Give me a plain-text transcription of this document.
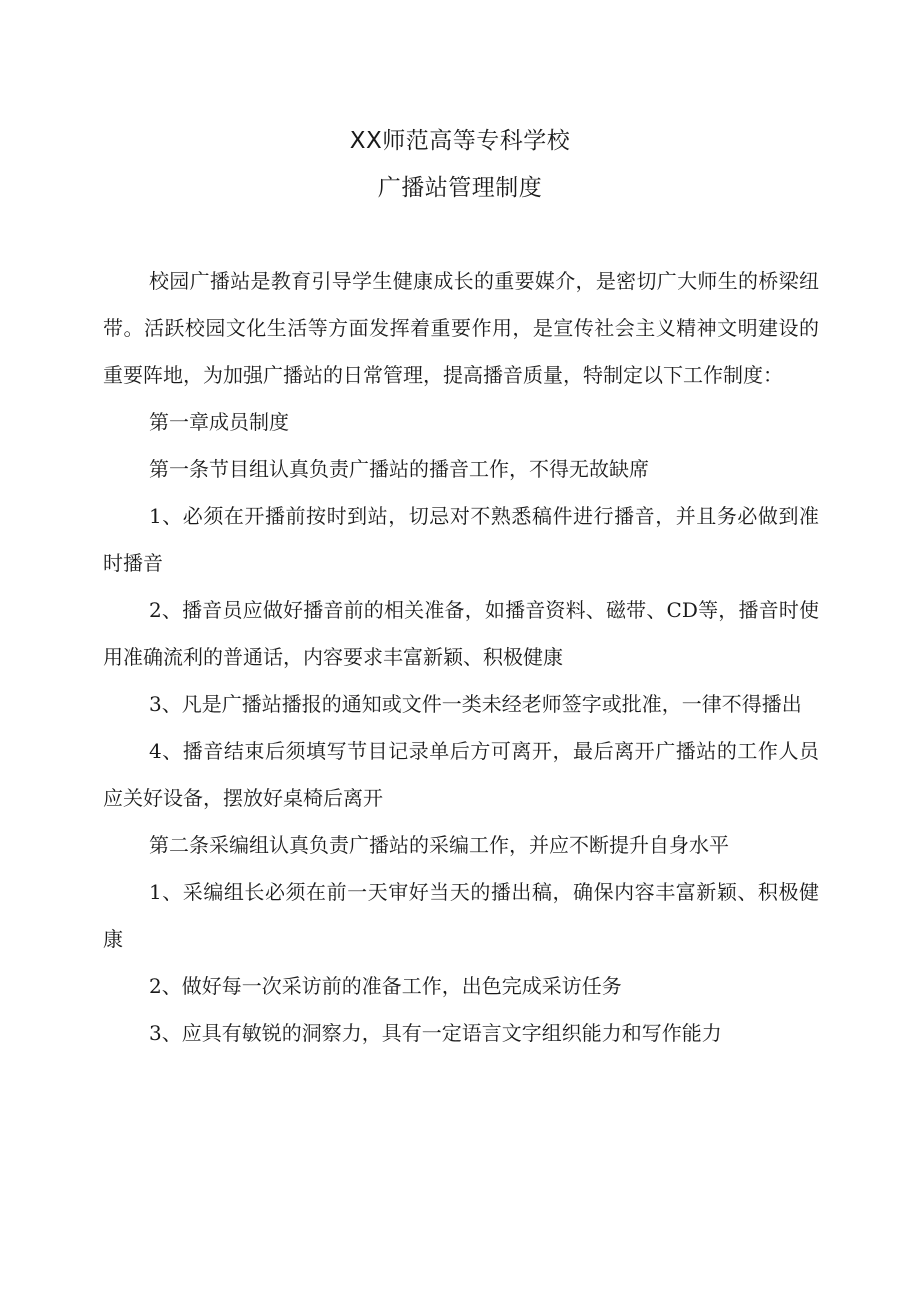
XX师范高等专科学校
广播站管理制度

校园广播站是教育引导学生健康成长的重要媒介，是密切广大师生的桥梁纽带。活跃校园文化生活等方面发挥着重要作用，是宣传社会主义精神文明建设的重要阵地，为加强广播站的日常管理，提高播音质量，特制定以下工作制度：

第一章成员制度

第一条节目组认真负责广播站的播音工作，不得无故缺席

1、必须在开播前按时到站，切忌对不熟悉稿件进行播音，并且务必做到准时播音

2、播音员应做好播音前的相关准备，如播音资料、磁带、CD等，播音时使用准确流利的普通话，内容要求丰富新颖、积极健康

3、凡是广播站播报的通知或文件一类未经老师签字或批准，一律不得播出

4、播音结束后须填写节目记录单后方可离开，最后离开广播站的工作人员应关好设备，摆放好桌椅后离开

第二条采编组认真负责广播站的采编工作，并应不断提升自身水平

1、采编组长必须在前一天审好当天的播出稿，确保内容丰富新颖、积极健康

2、做好每一次采访前的准备工作，出色完成采访任务

3、应具有敏锐的洞察力，具有一定语言文字组织能力和写作能力
